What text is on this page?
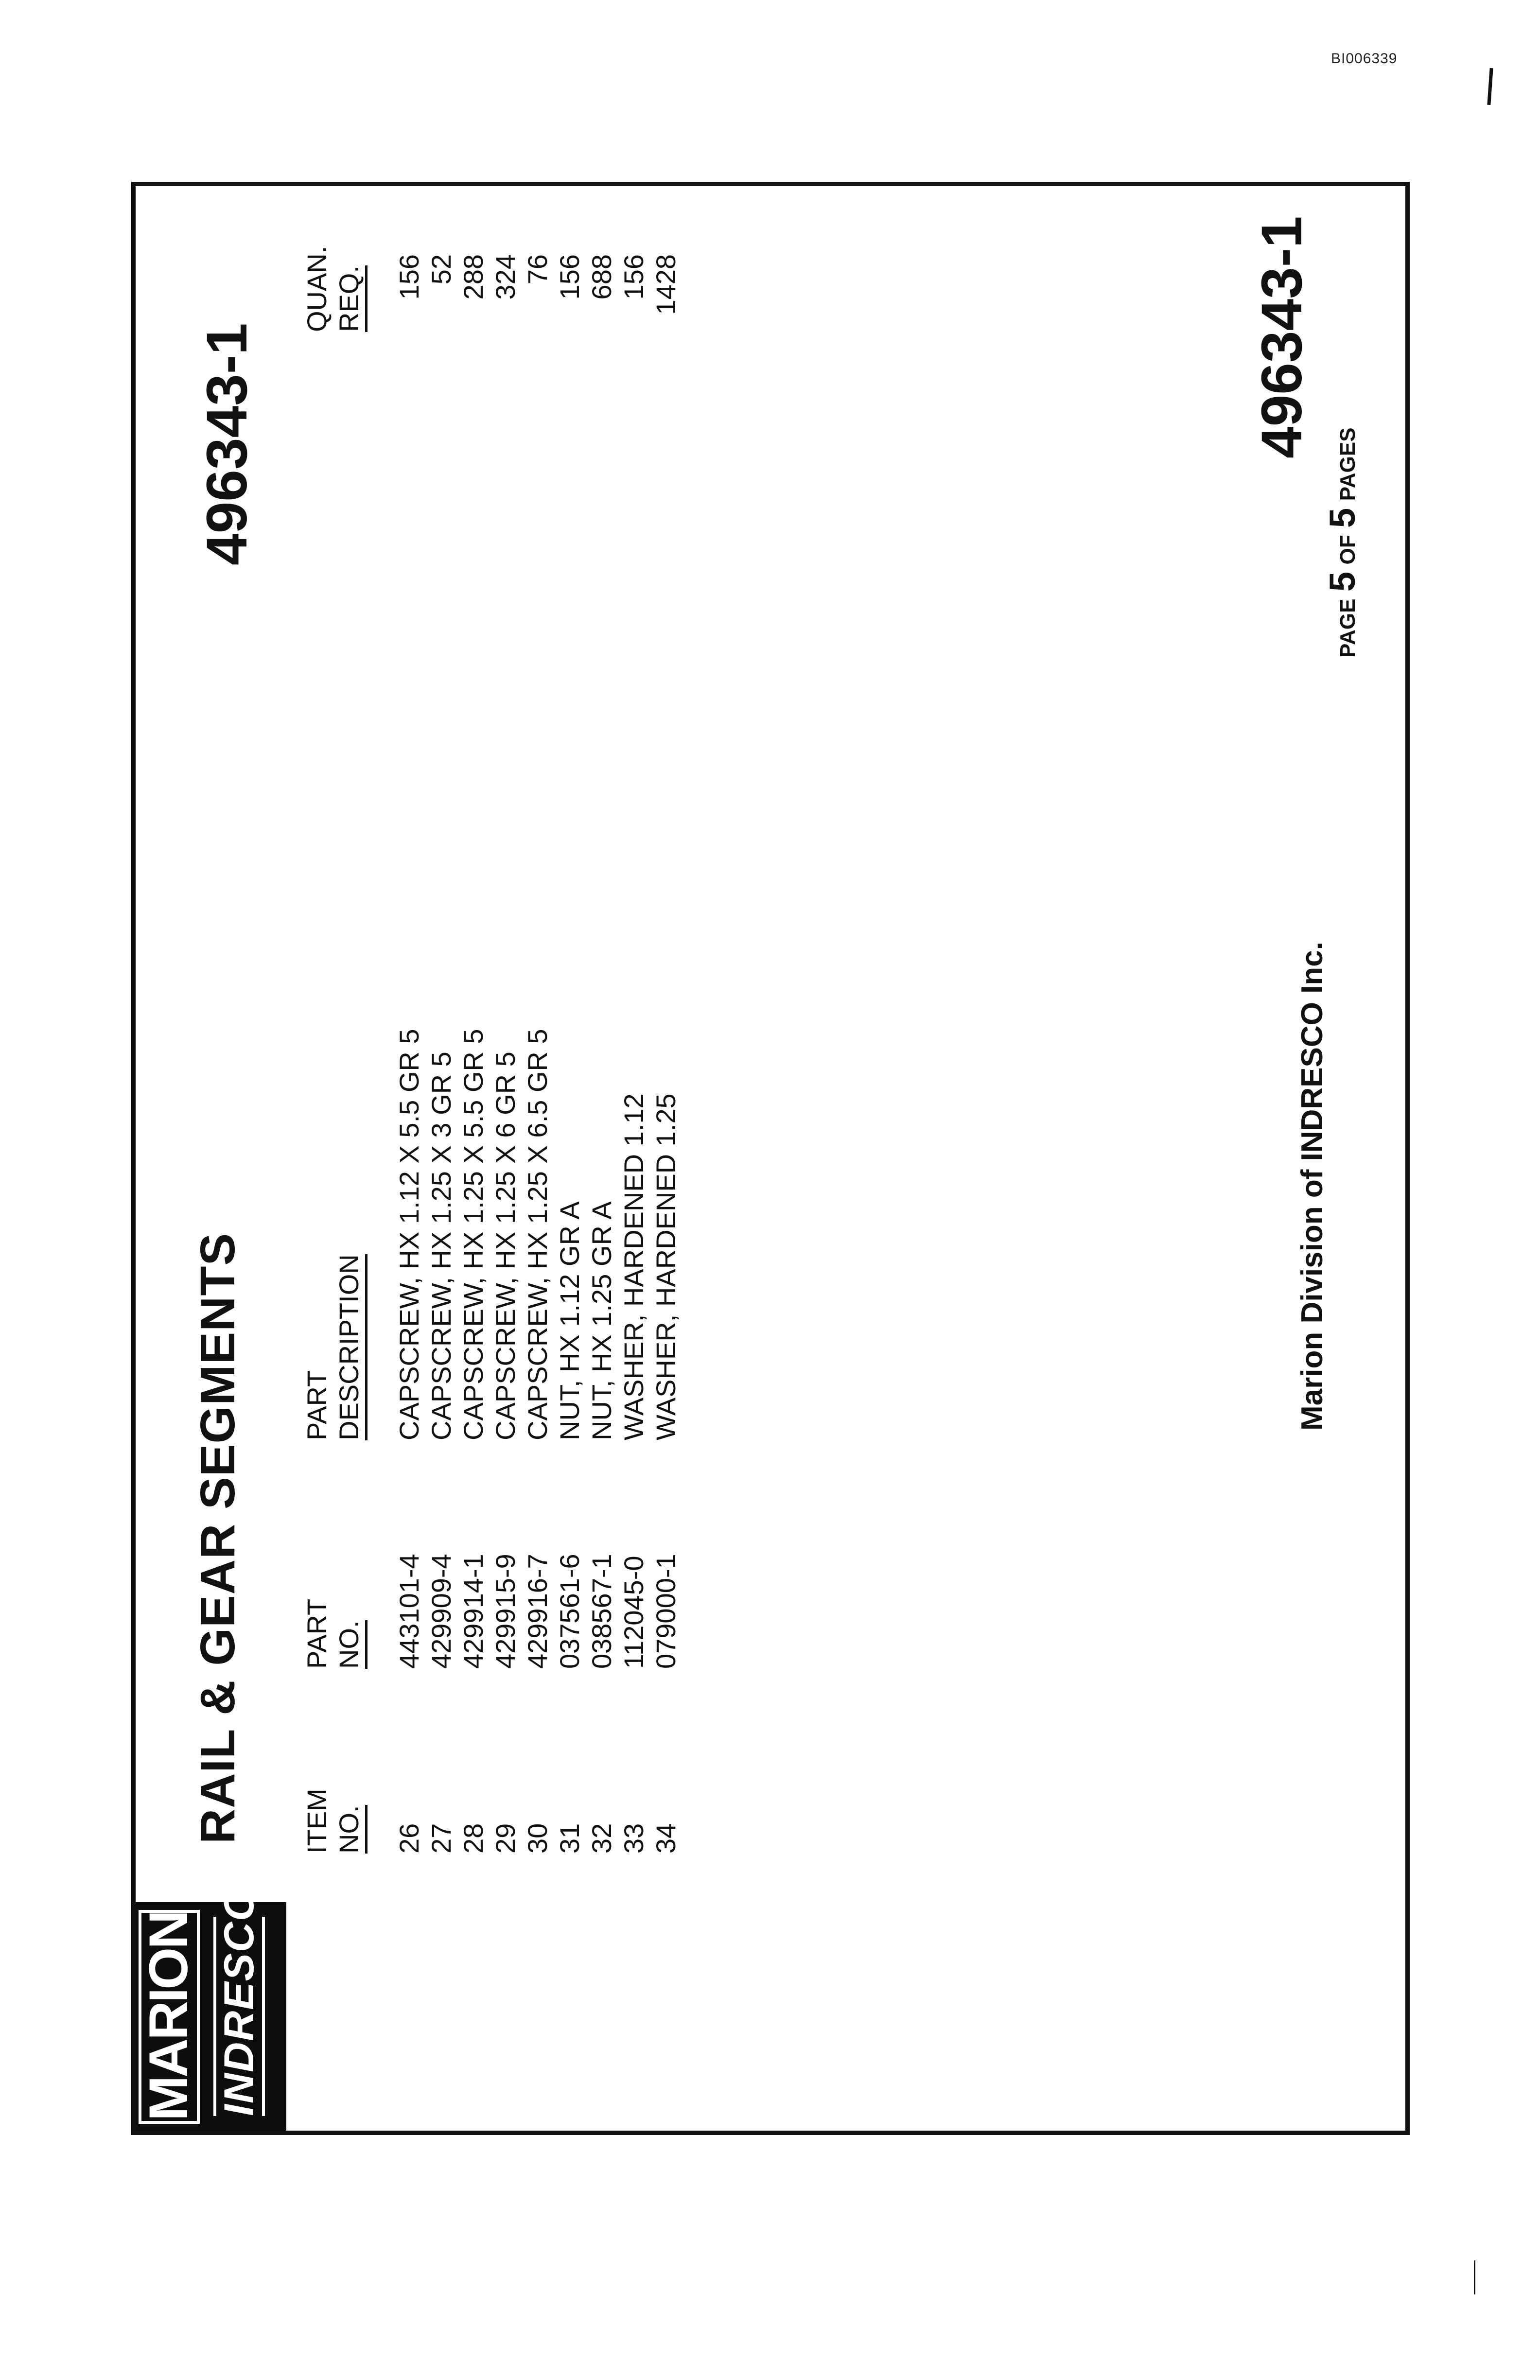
BI006339
MARION INDRESCO
RAIL & GEAR SEGMENTS
496343-1
ITEM NO.
PART NO.
PART DESCRIPTION
QUAN. REQ.
26
443101-4
CAPSCREW, HX 1.12 X 5.5 GR 5
156
27
429909-4
CAPSCREW, HX 1.25 X 3 GR 5
52
28
429914-1
CAPSCREW, HX 1.25 X 5.5 GR 5
288
29
429915-9
CAPSCREW, HX 1.25 X 6 GR 5
324
30
429916-7
CAPSCREW, HX 1.25 X 6.5 GR 5
76
31
037561-6
NUT, HX 1.12 GR A
156
32
038567-1
NUT, HX 1.25 GR A
688
33
112045-0
WASHER, HARDENED 1.12
156
34
079000-1
WASHER, HARDENED 1.25
1428
Marion Division of INDRESCO Inc.
496343-1
PAGE 5 OF 5 PAGES
